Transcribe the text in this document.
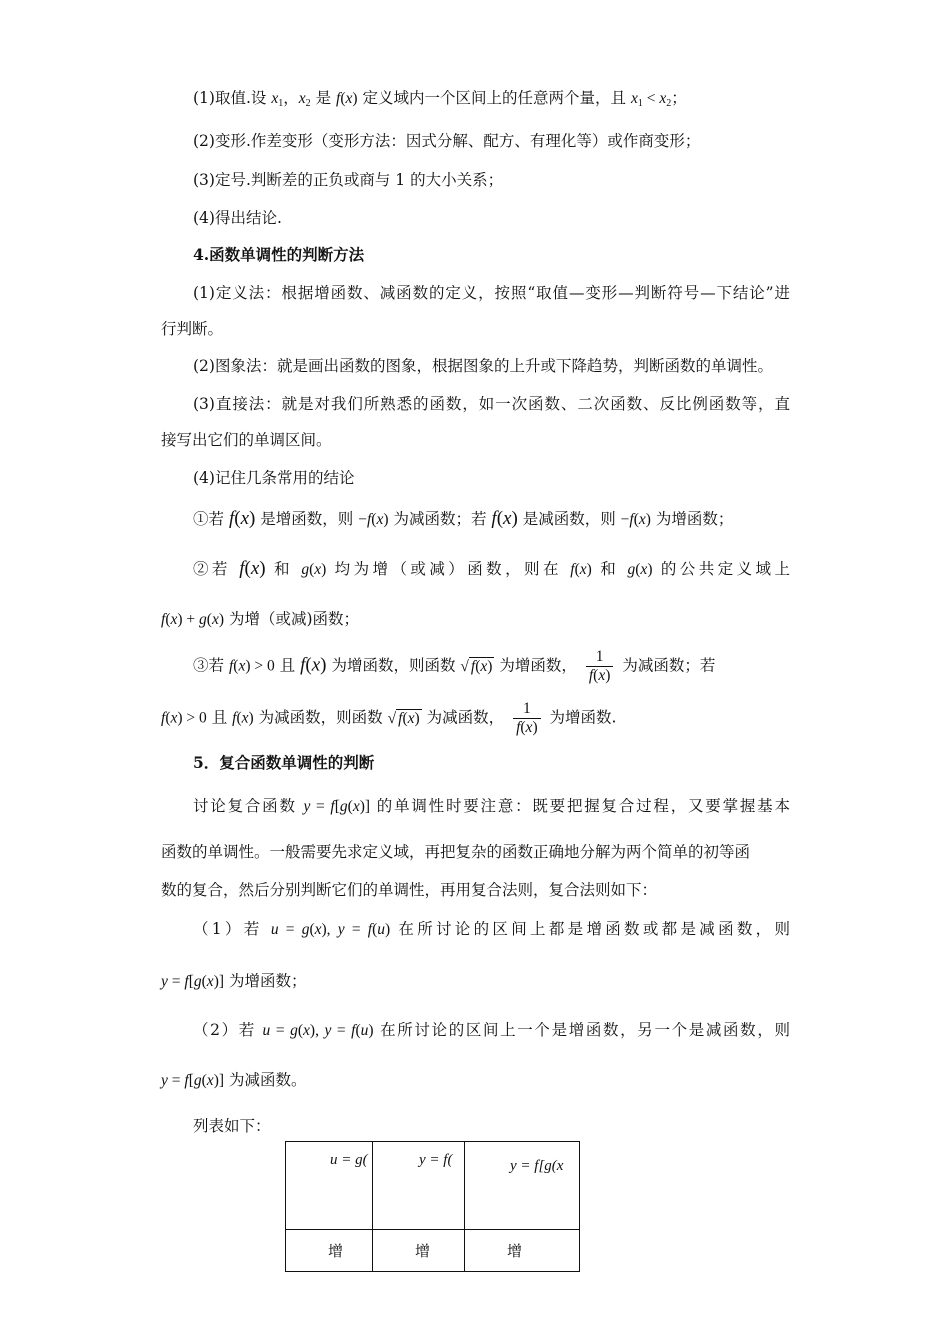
(1)取值.设 $x_1$，$x_2$ 是 f(x) 定义域内一个区间上的任意两个量，且 $x_1 < x_2$；
(2)变形.作差变形（变形方法：因式分解、配方、有理化等）或作商变形；
(3)定号.判断差的正负或商与 1 的大小关系；
(4)得出结论.
4.函数单调性的判断方法
(1)定义法：根据增函数、减函数的定义，按照“取值—变形—判断符号—下结论”进
行判断。
(2)图象法：就是画出函数的图象，根据图象的上升或下降趋势，判断函数的单调性。
(3)直接法：就是对我们所熟悉的函数，如一次函数、二次函数、反比例函数等，直
接写出它们的单调区间。
(4)记住几条常用的结论
①若 f(x) 是增函数，则 −f(x) 为减函数；若 f(x) 是减函数，则 −f(x) 为增函数；
②若 f(x) 和 g(x) 均为增（或减）函数，则在 f(x) 和 g(x) 的公共定义域上
f(x) + g(x) 为增（或减)函数；
③若 f(x) > 0 且 f(x) 为增函数，则函数 √ f(x) 为增函数， $\frac{1}{f(x)}$ 为减函数；若
f(x) > 0 且 f(x) 为减函数，则函数 √ f(x) 为减函数， $\frac{1}{f(x)}$ 为增函数.
5．复合函数单调性的判断
讨论复合函数 y = f[g(x)] 的单调性时要注意：既要把握复合过程，又要掌握基本
函数的单调性。一般需要先求定义域，再把复杂的函数正确地分解为两个简单的初等函
数的复合，然后分别判断它们的单调性，再用复合法则，复合法则如下：
（1）若 u = g(x), y = f(u) 在所讨论的区间上都是增函数或都是减函数，则
y = f[g(x)] 为增函数；
（2）若 u = g(x), y = f(u) 在所讨论的区间上一个是增函数，另一个是减函数，则
y = f[g(x)] 为减函数。
列表如下：
u = g(	y = f(	y = f[g(x

增	增	增
